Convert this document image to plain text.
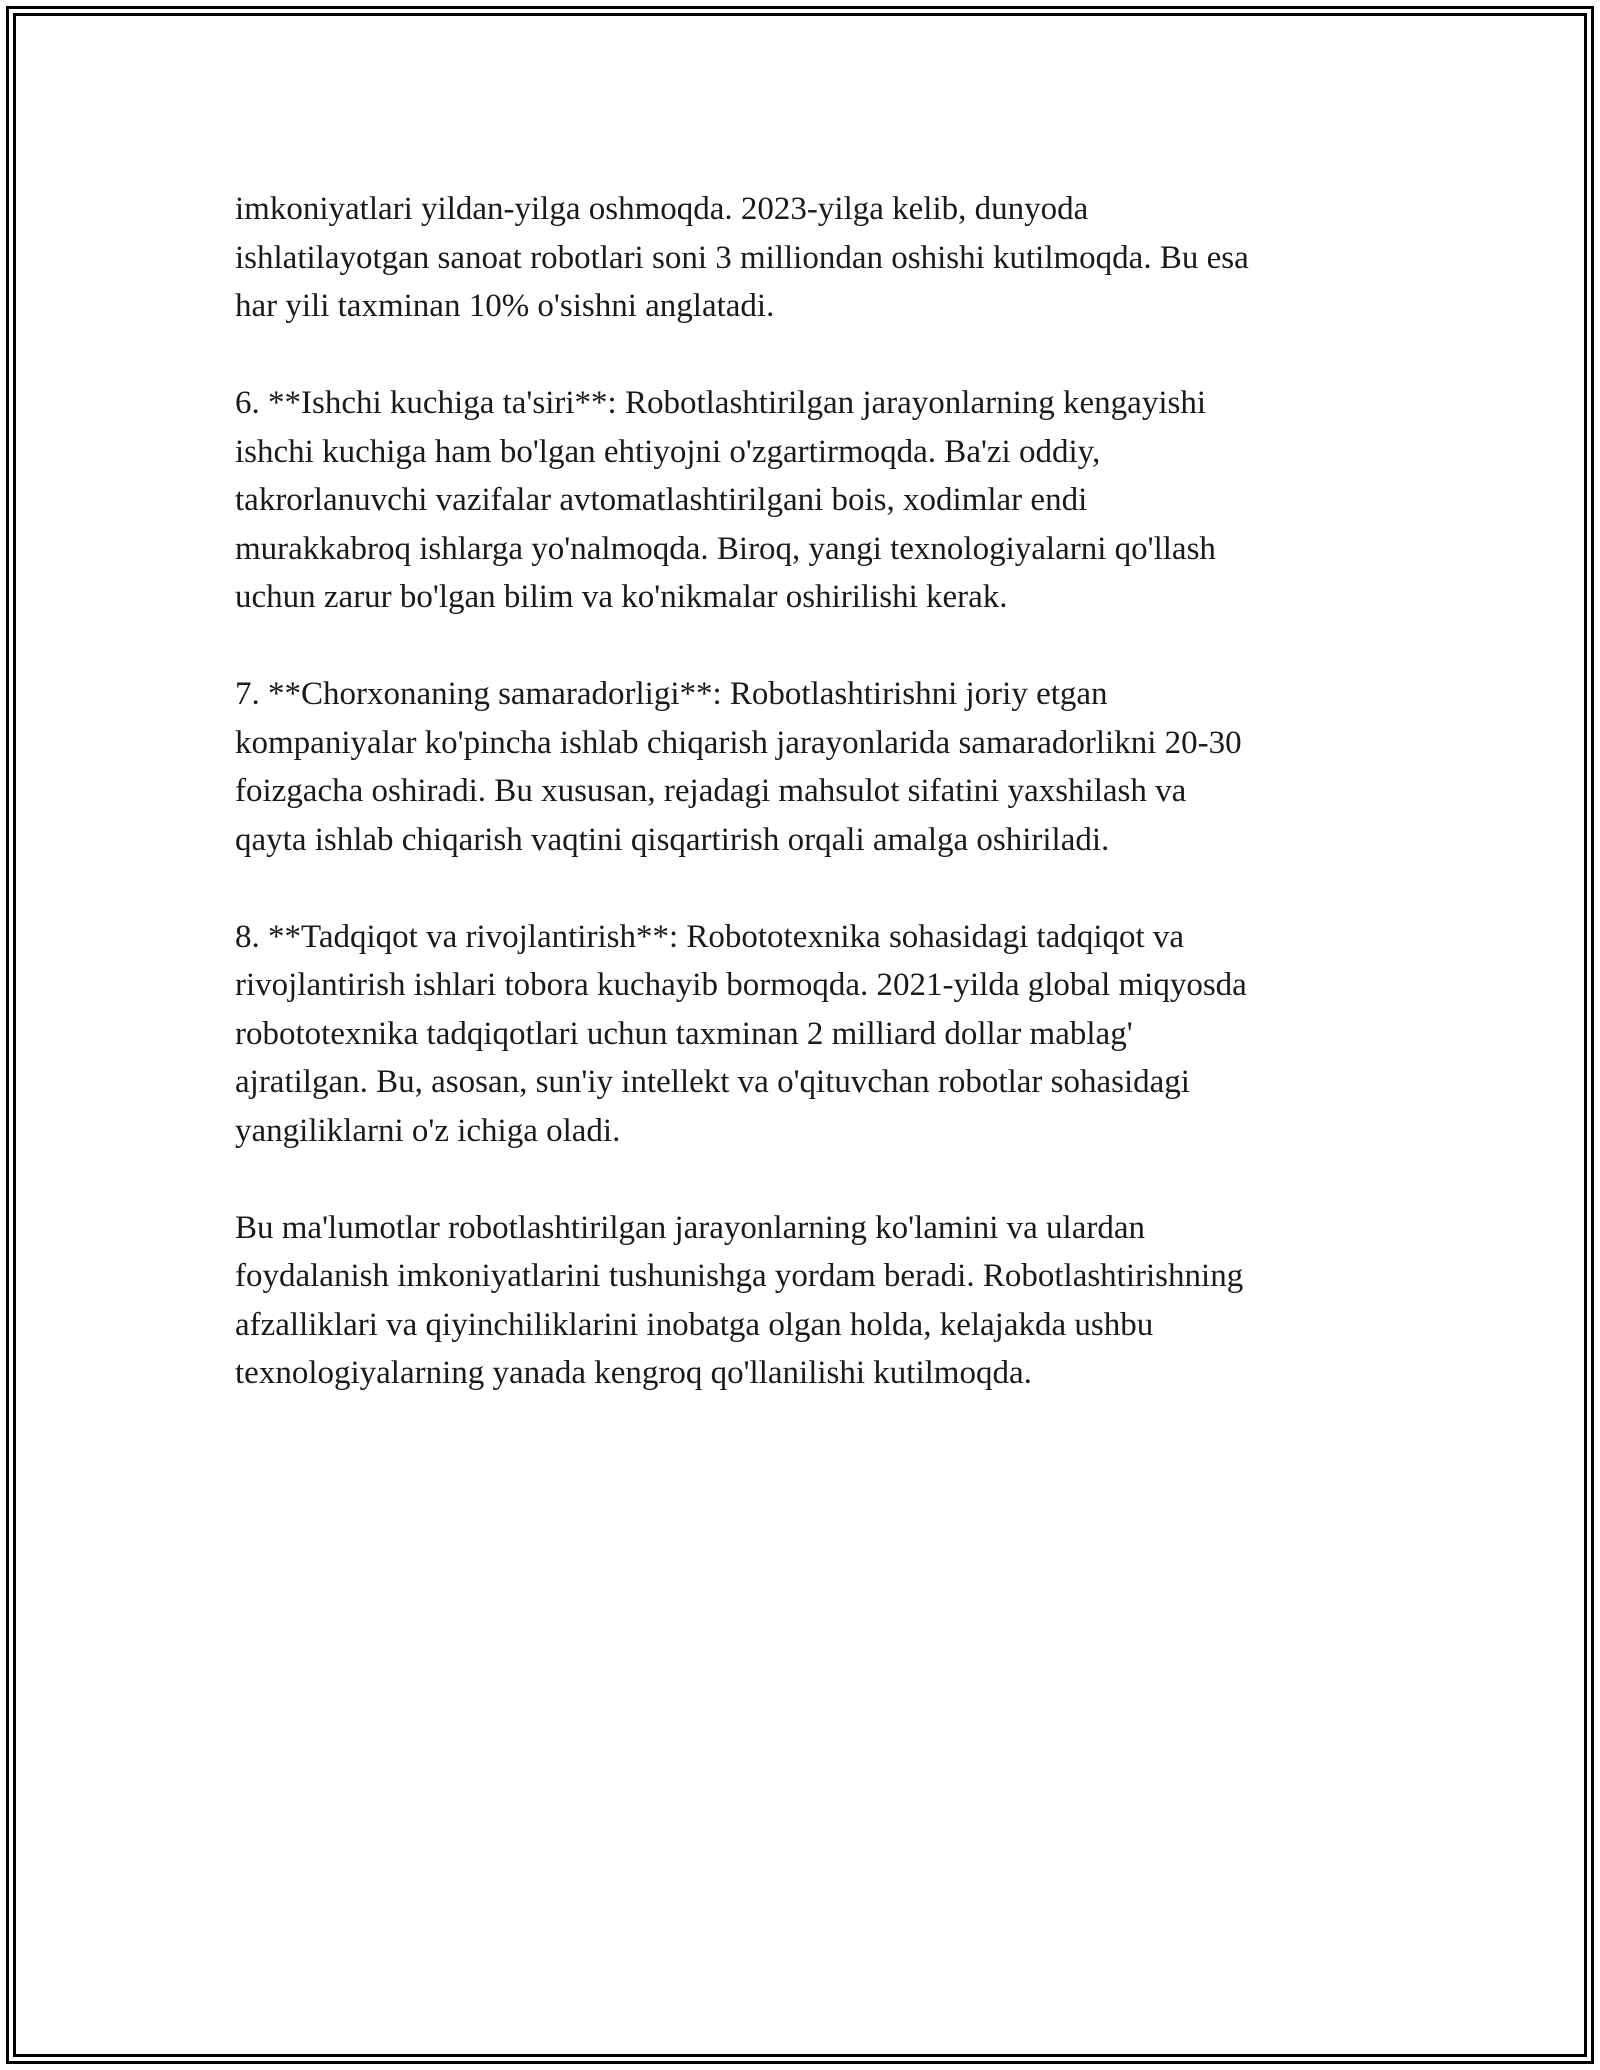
imkoniyatlari yildan-yilga oshmoqda. 2023-yilga kelib, dunyoda
ishlatilayotgan sanoat robotlari soni 3 milliondan oshishi kutilmoqda. Bu esa
har yili taxminan 10% o'sishni anglatadi.

6. **Ishchi kuchiga ta'siri**: Robotlashtirilgan jarayonlarning kengayishi
ishchi kuchiga ham bo'lgan ehtiyojni o'zgartirmoqda. Ba'zi oddiy,
takrorlanuvchi vazifalar avtomatlashtirilgani bois, xodimlar endi
murakkabroq ishlarga yo'nalmoqda. Biroq, yangi texnologiyalarni qo'llash
uchun zarur bo'lgan bilim va ko'nikmalar oshirilishi kerak.

7. **Chorxonaning samaradorligi**: Robotlashtirishni joriy etgan
kompaniyalar ko'pincha ishlab chiqarish jarayonlarida samaradorlikni 20-30
foizgacha oshiradi. Bu xususan, rejadagi mahsulot sifatini yaxshilash va
qayta ishlab chiqarish vaqtini qisqartirish orqali amalga oshiriladi.

8. **Tadqiqot va rivojlantirish**: Robototexnika sohasidagi tadqiqot va
rivojlantirish ishlari tobora kuchayib bormoqda. 2021-yilda global miqyosda
robototexnika tadqiqotlari uchun taxminan 2 milliard dollar mablag'
ajratilgan. Bu, asosan, sun'iy intellekt va o'qituvchan robotlar sohasidagi
yangiliklarni o'z ichiga oladi.

Bu ma'lumotlar robotlashtirilgan jarayonlarning ko'lamini va ulardan
foydalanish imkoniyatlarini tushunishga yordam beradi. Robotlashtirishning
afzalliklari va qiyinchiliklarini inobatga olgan holda, kelajakda ushbu
texnologiyalarning yanada kengroq qo'llanilishi kutilmoqda.
